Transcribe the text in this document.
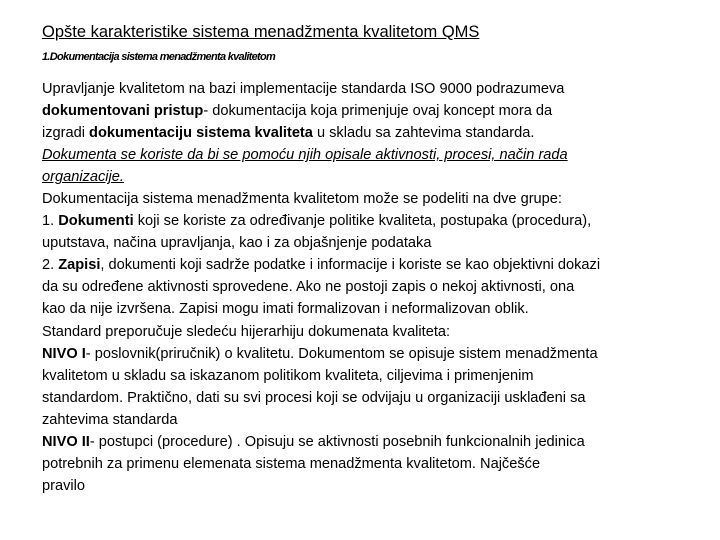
Opšte karakteristike sistema menadžmenta kvalitetom QMS
1.Dokumentacija sistema menadžmenta kvalitetom

Upravljanje kvalitetom na bazi implementacije standarda ISO 9000 podrazumeva
dokumentovani pristup- dokumentacija koja primenjuje ovaj koncept mora da
izgradi dokumentaciju sistema kvaliteta u skladu sa zahtevima standarda.

Dokumenta se koriste da bi se pomoću njih opisale aktivnosti, procesi, način rada
organizacije.

Dokumentacija sistema menadžmenta kvalitetom može se podeliti na dve grupe:

1. Dokumenti koji se koriste za određivanje politike kvaliteta, postupaka (procedura),
uputstava, načina upravljanja, kao i za objašnjenje podataka

2. Zapisi, dokumenti koji sadrže podatke i informacije i koriste se kao objektivni dokazi
da su određene aktivnosti sprovedene. Ako ne postoji zapis o nekoj aktivnosti, ona
kao da nije izvršena. Zapisi mogu imati formalizovan i neformalizovan oblik.

Standard preporučuje sledeću hijerarhiju dokumenata kvaliteta:

NIVO I- poslovnik(priručnik) o kvalitetu. Dokumentom se opisuje sistem menadžmenta
kvalitetom u skladu sa iskazanom politikom kvaliteta, ciljevima i primenjenim
standardom. Praktično, dati su svi procesi koji se odvijaju u organizaciji usklađeni sa
zahtevima standarda

NIVO II- postupci (procedure) . Opisuju se aktivnosti posebnih funkcionalnih jedinica
potrebnih za primenu elemenata sistema menadžmenta kvalitetom. Najčešće
pravilo
